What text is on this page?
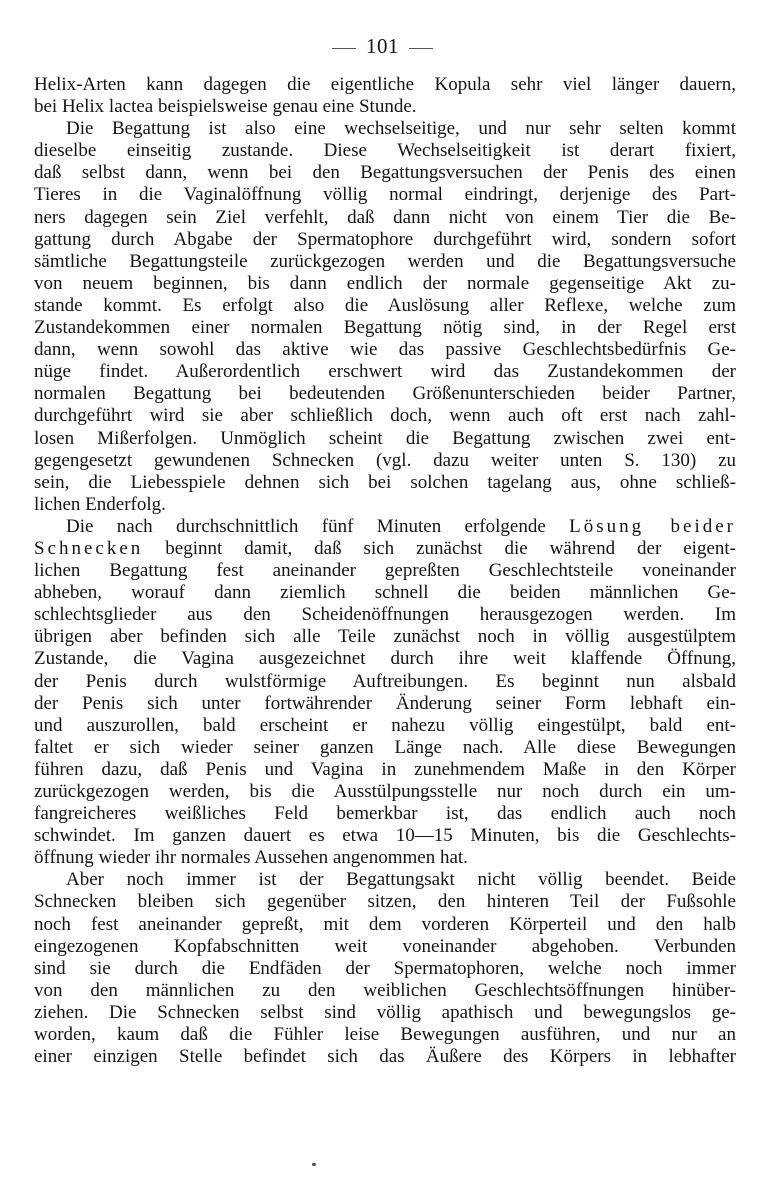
101
Helix-Arten kann dagegen die eigentliche Kopula sehr viel länger dauern,
bei Helix lactea beispielsweise genau eine Stunde.
Die Begattung ist also eine wechselseitige, und nur sehr selten kommt
dieselbe einseitig zustande. Diese Wechselseitigkeit ist derart fixiert,
daß selbst dann, wenn bei den Begattungsversuchen der Penis des einen
Tieres in die Vaginalöffnung völlig normal eindringt, derjenige des Part-
ners dagegen sein Ziel verfehlt, daß dann nicht von einem Tier die Be-
gattung durch Abgabe der Spermatophore durchgeführt wird, sondern sofort
sämtliche Begattungsteile zurückgezogen werden und die Begattungsversuche
von neuem beginnen, bis dann endlich der normale gegenseitige Akt zu-
stande kommt. Es erfolgt also die Auslösung aller Reflexe, welche zum
Zustandekommen einer normalen Begattung nötig sind, in der Regel erst
dann, wenn sowohl das aktive wie das passive Geschlechtsbedürfnis Ge-
nüge findet. Außerordentlich erschwert wird das Zustandekommen der
normalen Begattung bei bedeutenden Größenunterschieden beider Partner,
durchgeführt wird sie aber schließlich doch, wenn auch oft erst nach zahl-
losen Mißerfolgen. Unmöglich scheint die Begattung zwischen zwei ent-
gegengesetzt gewundenen Schnecken (vgl. dazu weiter unten S. 130) zu
sein, die Liebesspiele dehnen sich bei solchen tagelang aus, ohne schließ-
lichen Enderfolg.
Die nach durchschnittlich fünf Minuten erfolgende Lösung beider
Schnecken beginnt damit, daß sich zunächst die während der eigent-
lichen Begattung fest aneinander gepreßten Geschlechtsteile voneinander
abheben, worauf dann ziemlich schnell die beiden männlichen Ge-
schlechtsglieder aus den Scheidenöffnungen herausgezogen werden. Im
übrigen aber befinden sich alle Teile zunächst noch in völlig ausgestülptem
Zustande, die Vagina ausgezeichnet durch ihre weit klaffende Öffnung,
der Penis durch wulstförmige Auftreibungen. Es beginnt nun alsbald
der Penis sich unter fortwährender Änderung seiner Form lebhaft ein-
und auszurollen, bald erscheint er nahezu völlig eingestülpt, bald ent-
faltet er sich wieder seiner ganzen Länge nach. Alle diese Bewegungen
führen dazu, daß Penis und Vagina in zunehmendem Maße in den Körper
zurückgezogen werden, bis die Ausstülpungsstelle nur noch durch ein um-
fangreicheres weißliches Feld bemerkbar ist, das endlich auch noch
schwindet. Im ganzen dauert es etwa 10—15 Minuten, bis die Geschlechts-
öffnung wieder ihr normales Aussehen angenommen hat.
Aber noch immer ist der Begattungsakt nicht völlig beendet. Beide
Schnecken bleiben sich gegenüber sitzen, den hinteren Teil der Fußsohle
noch fest aneinander gepreßt, mit dem vorderen Körperteil und den halb
eingezogenen Kopfabschnitten weit voneinander abgehoben. Verbunden
sind sie durch die Endfäden der Spermatophoren, welche noch immer
von den männlichen zu den weiblichen Geschlechtsöffnungen hinüber-
ziehen. Die Schnecken selbst sind völlig apathisch und bewegungslos ge-
worden, kaum daß die Fühler leise Bewegungen ausführen, und nur an
einer einzigen Stelle befindet sich das Äußere des Körpers in lebhafter
